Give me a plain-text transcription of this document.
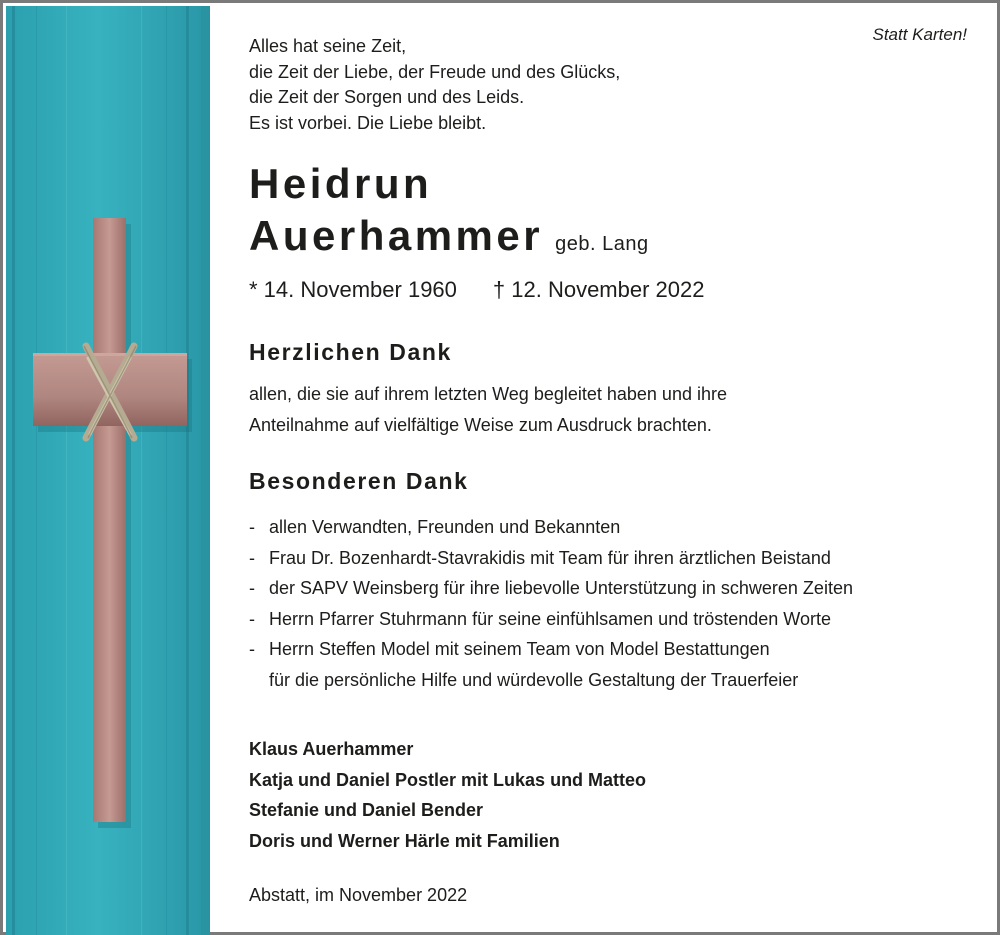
Statt Karten!
Alles hat seine Zeit,
die Zeit der Liebe, der Freude und des Glücks,
die Zeit der Sorgen und des Leids.
Es ist vorbei. Die Liebe bleibt.
Heidrun
Auerhammer geb. Lang
* 14. November 1960 † 12. November 2022
Herzlichen Dank
allen, die sie auf ihrem letzten Weg begleitet haben und ihre
Anteilnahme auf vielfältige Weise zum Ausdruck brachten.
Besonderen Dank
- allen Verwandten, Freunden und Bekannten
- Frau Dr. Bozenhardt-Stavrakidis mit Team für ihren ärztlichen Beistand
- der SAPV Weinsberg für ihre liebevolle Unterstützung in schweren Zeiten
- Herrn Pfarrer Stuhrmann für seine einfühlsamen und tröstenden Worte
- Herrn Steffen Model mit seinem Team von Model Bestattungen
für die persönliche Hilfe und würdevolle Gestaltung der Trauerfeier
Klaus Auerhammer
Katja und Daniel Postler mit Lukas und Matteo
Stefanie und Daniel Bender
Doris und Werner Härle mit Familien
Abstatt, im November 2022
